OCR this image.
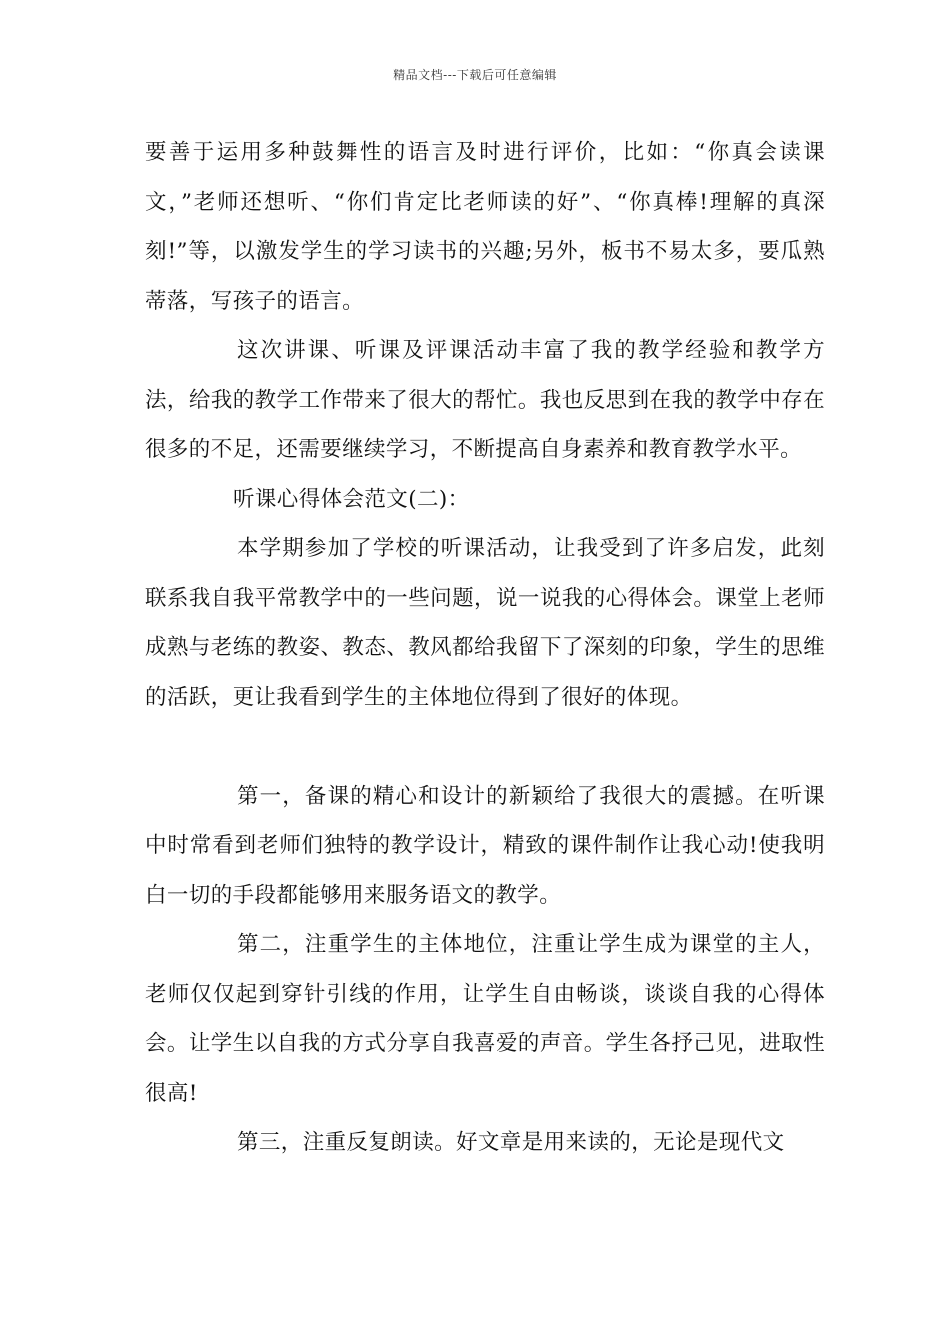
精品文档---下载后可任意编辑

要善于运用多种鼓舞性的语言及时进行评价，比如：“你真会读课文，”老师还想听、“你们肯定比老师读的好”、“你真棒!理解的真深刻!”等，以激发学生的学习读书的兴趣;另外，板书不易太多，要瓜熟蒂落，写孩子的语言。

这次讲课、听课及评课活动丰富了我的教学经验和教学方法，给我的教学工作带来了很大的帮忙。我也反思到在我的教学中存在很多的不足，还需要继续学习，不断提高自身素养和教育教学水平。

听课心得体会范文(二)：

本学期参加了学校的听课活动，让我受到了许多启发，此刻联系我自我平常教学中的一些问题，说一说我的心得体会。课堂上老师成熟与老练的教姿、教态、教风都给我留下了深刻的印象，学生的思维的活跃，更让我看到学生的主体地位得到了很好的体现。

第一，备课的精心和设计的新颖给了我很大的震撼。在听课中时常看到老师们独特的教学设计，精致的课件制作让我心动!使我明白一切的手段都能够用来服务语文的教学。

第二，注重学生的主体地位，注重让学生成为课堂的主人，老师仅仅起到穿针引线的作用，让学生自由畅谈，谈谈自我的心得体会。让学生以自我的方式分享自我喜爱的声音。学生各抒己见，进取性很高!

第三，注重反复朗读。好文章是用来读的，无论是现代文
